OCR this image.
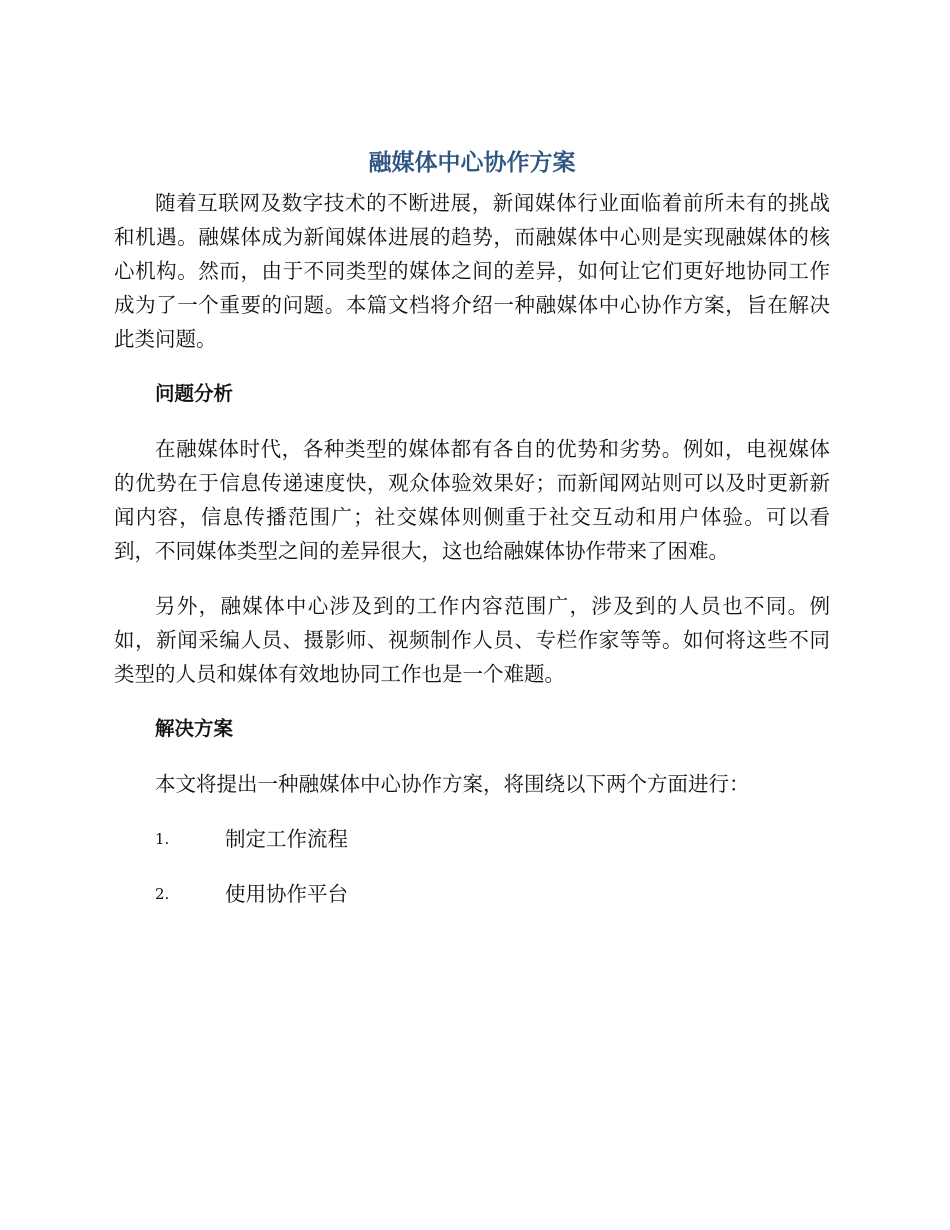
融媒体中心协作方案

随着互联网及数字技术的不断进展，新闻媒体行业面临着前所未有的挑战和机遇。融媒体成为新闻媒体进展的趋势，而融媒体中心则是实现融媒体的核心机构。然而，由于不同类型的媒体之间的差异，如何让它们更好地协同工作成为了一个重要的问题。本篇文档将介绍一种融媒体中心协作方案，旨在解决此类问题。

问题分析

在融媒体时代，各种类型的媒体都有各自的优势和劣势。例如，电视媒体的优势在于信息传递速度快，观众体验效果好；而新闻网站则可以及时更新新闻内容，信息传播范围广；社交媒体则侧重于社交互动和用户体验。可以看到，不同媒体类型之间的差异很大，这也给融媒体协作带来了困难。

另外，融媒体中心涉及到的工作内容范围广，涉及到的人员也不同。例如，新闻采编人员、摄影师、视频制作人员、专栏作家等等。如何将这些不同类型的人员和媒体有效地协同工作也是一个难题。

解决方案

本文将提出一种融媒体中心协作方案，将围绕以下两个方面进行：

1.	制定工作流程
2.	使用协作平台
